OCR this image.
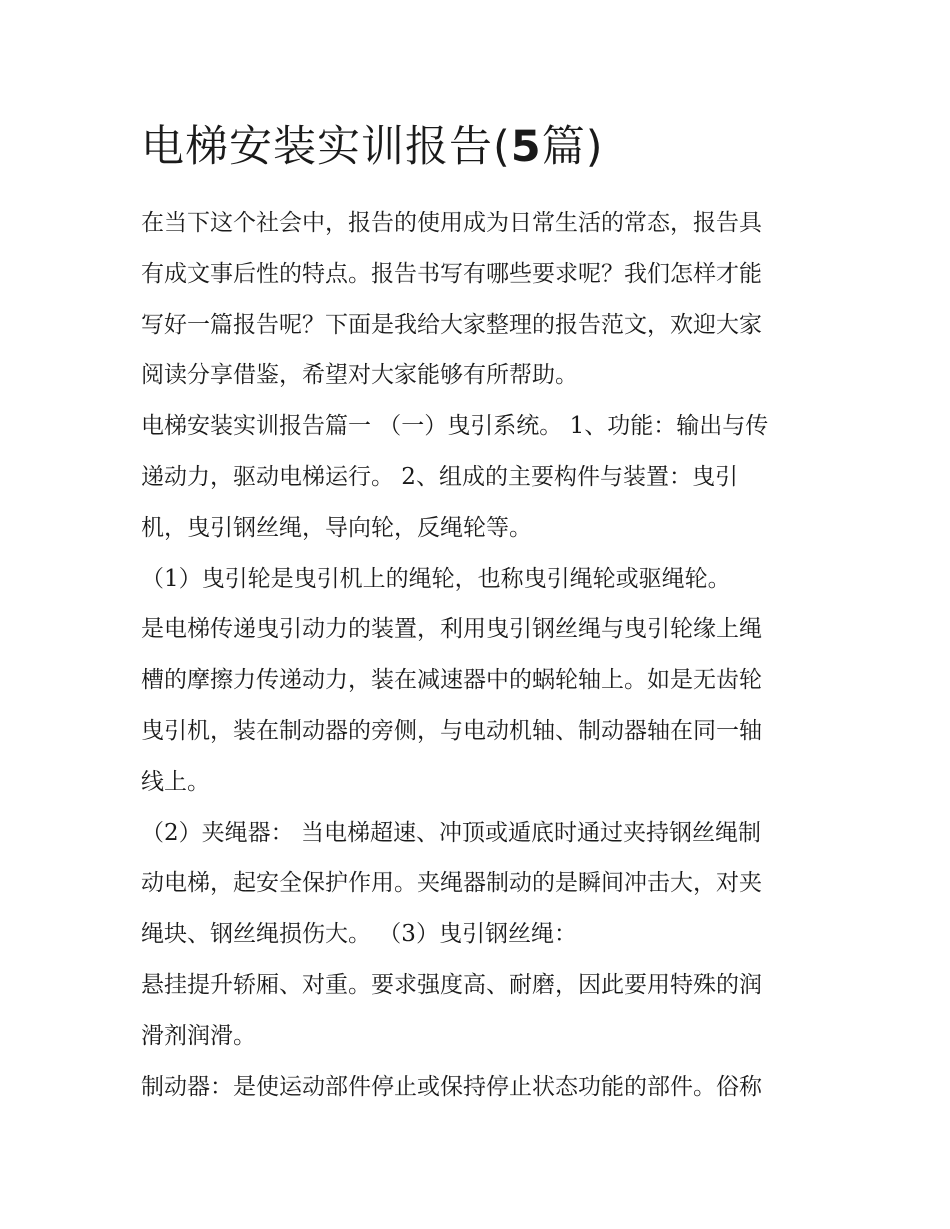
电梯安装实训报告(5篇)
在当下这个社会中，报告的使用成为日常生活的常态，报告具
有成文事后性的特点。报告书写有哪些要求呢？我们怎样才能
写好一篇报告呢？下面是我给大家整理的报告范文，欢迎大家
阅读分享借鉴，希望对大家能够有所帮助。
电梯安装实训报告篇一 （一）曳引系统。 1、功能：输出与传
递动力，驱动电梯运行。 2、组成的主要构件与装置：曳引
机，曳引钢丝绳，导向轮，反绳轮等。
（1）曳引轮是曳引机上的绳轮，也称曳引绳轮或驱绳轮。
是电梯传递曳引动力的装置，利用曳引钢丝绳与曳引轮缘上绳
槽的摩擦力传递动力，装在减速器中的蜗轮轴上。如是无齿轮
曳引机，装在制动器的旁侧，与电动机轴、制动器轴在同一轴
线上。
（2）夹绳器： 当电梯超速、冲顶或遁底时通过夹持钢丝绳制
动电梯，起安全保护作用。夹绳器制动的是瞬间冲击大，对夹
绳块、钢丝绳损伤大。 （3）曳引钢丝绳：
悬挂提升轿厢、对重。要求强度高、耐磨，因此要用特殊的润
滑剂润滑。
制动器：是使运动部件停止或保持停止状态功能的部件。俗称
